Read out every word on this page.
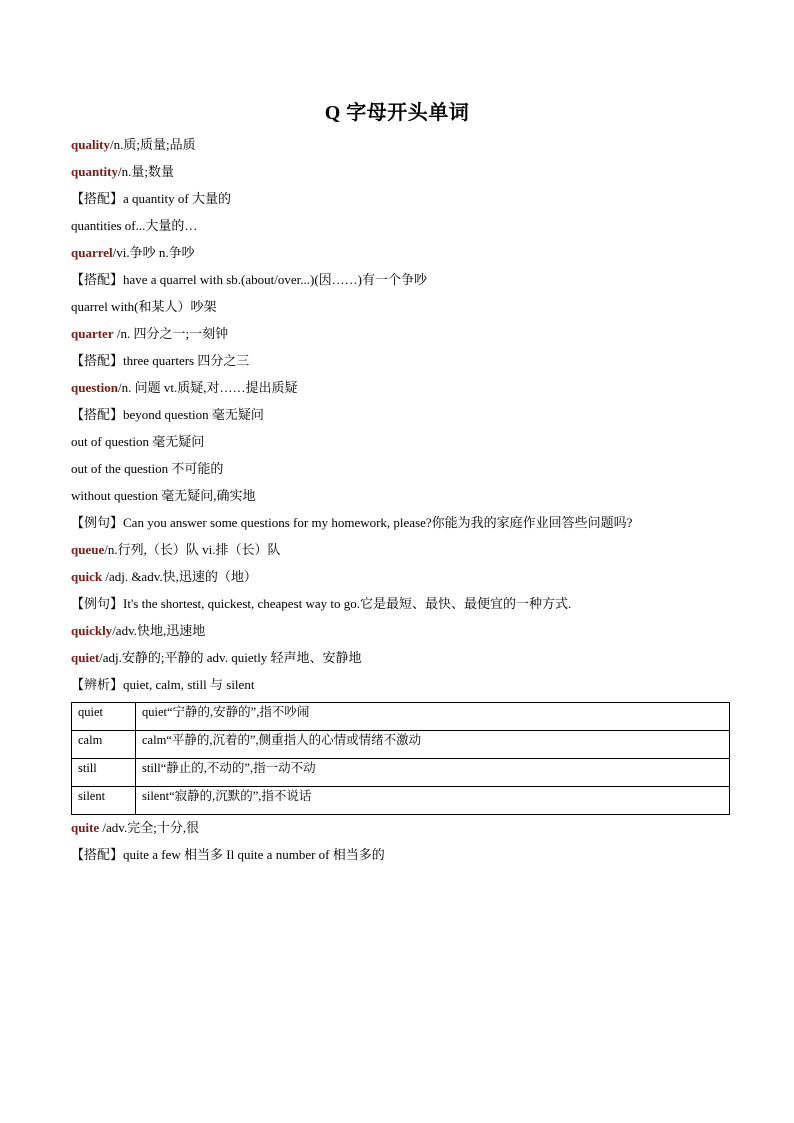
Q 字母开头单词
quality/n.质;质量;品质
quantity/n.量;数量
【搭配】a quantity of 大量的
quantities of...大量的…
quarrel/vi.争吵 n.争吵
【搭配】have a quarrel with sb.(about/over...)(因……)有一个争吵
quarrel with(和某人）吵架
quarter /n. 四分之一;一刻钟
【搭配】three quarters 四分之三
question/n. 问题 vt.质疑,对……提出质疑
【搭配】beyond question 毫无疑问
out of question 毫无疑问
out of the question 不可能的
without question 毫无疑问,确实地
【例句】Can you answer some questions for my homework, please?你能为我的家庭作业回答些问题吗?
queue/n.行列,（长）队 vi.排（长）队
quick /adj. &adv.快,迅速的（地）
【例句】It's the shortest, quickest, cheapest way to go.它是最短、最快、最便宜的一种方式.
quickly/adv.快地,迅速地
quiet/adj.安静的;平静的 adv. quietly 轻声地、安静地
【辨析】quiet, calm, still 与 silent
quiet	quiet“宁静的,安静的”,指不吵闹
calm	calm“平静的,沉着的”,侧重指人的心情或情绪不激动
still	still“静止的,不动的”,指一动不动
silent	silent“寂静的,沉默的”,指不说话
quite /adv.完全;十分,很
【搭配】quite a few 相当多 Il quite a number of 相当多的
